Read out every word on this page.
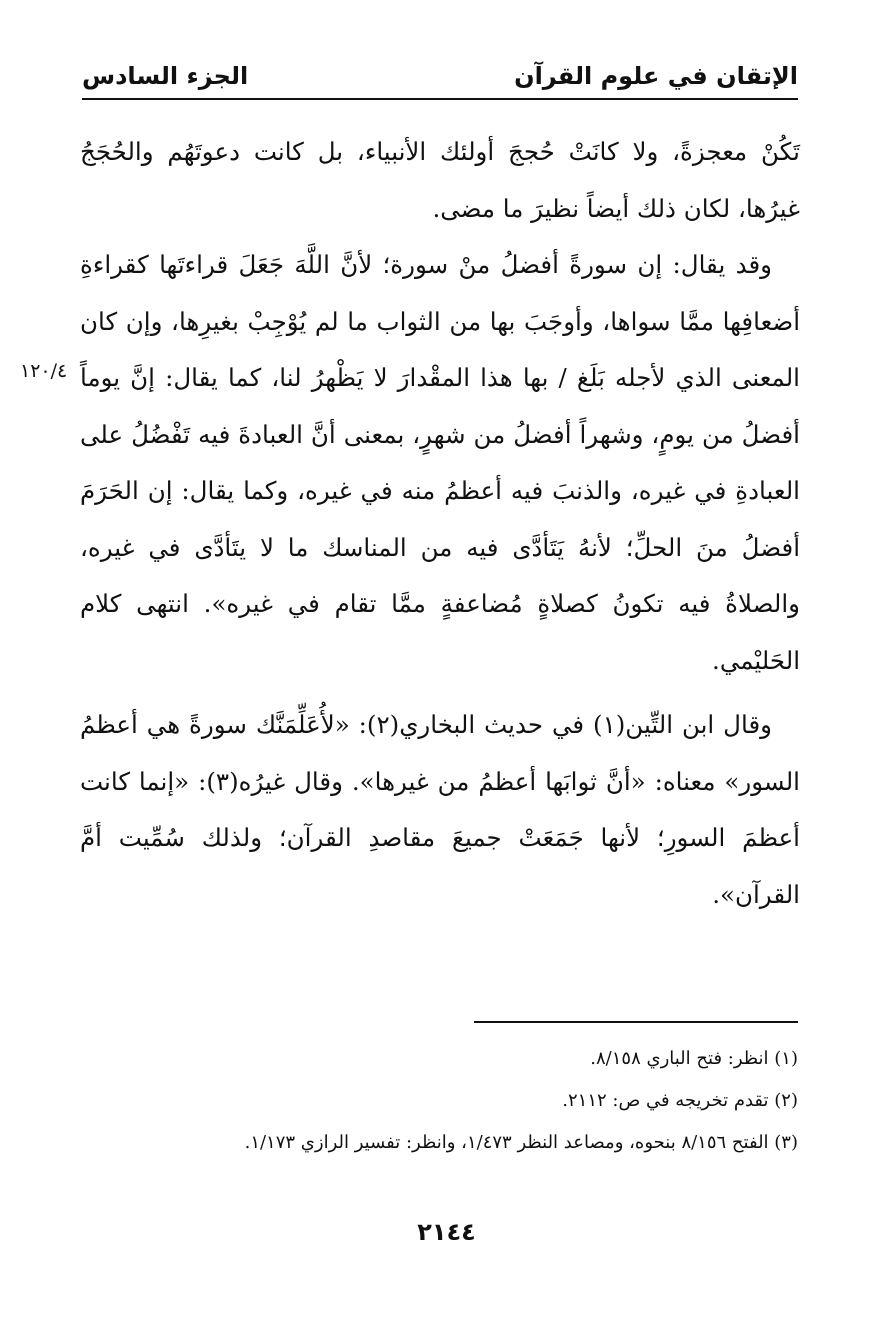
الإتقان في علوم القرآن
الجزء السادس
١٢٠/٤

تَكُنْ معجزةً، ولا كانَتْ حُججَ أولئك الأنبياء، بل كانت دعوتَهُم والحُجَجُ غيرُها، لكان ذلك أيضاً نظيرَ ما مضى.

وقد يقال: إن سورةً أفضلُ منْ سورة؛ لأنَّ اللَّهَ جَعَلَ قراءتَها كقراءةِ أضعافِها ممَّا سواها، وأوجَبَ بها من الثواب ما لم يُوْجِبْ بغيرِها، وإن كان المعنى الذي لأجله بَلَغ / بها هذا المقْدارَ لا يَظْهرُ لنا، كما يقال: إنَّ يوماً أفضلُ من يومٍ، وشهراً أفضلُ من شهرٍ، بمعنى أنَّ العبادةَ فيه تَفْضُلُ على العبادةِ في غيره، والذنبَ فيه أعظمُ منه في غيره، وكما يقال: إن الحَرَمَ أفضلُ منَ الحلِّ؛ لأنهُ يَتَأدَّى فيه من المناسك ما لا يتَأدَّى في غيره، والصلاةُ فيه تكونُ كصلاةٍ مُضاعفةٍ ممَّا تقام في غيره». انتهى كلام الحَليْمي.

وقال ابن التِّين(١) في حديث البخاري(٢): «لأُعَلِّمَنَّك سورةً هي أعظمُ السور» معناه: «أنَّ ثوابَها أعظمُ من غيرها». وقال غيرُه(٣): «إنما كانت أعظمَ السورِ؛ لأنها جَمَعَتْ جميعَ مقاصدِ القرآن؛ ولذلك سُمِّيت أمَّ القرآن».

(١) انظر: فتح الباري ٨/١٥٨.
(٢) تقدم تخريجه في ص: ٢١١٢.
(٣) الفتح ٨/١٥٦ بنحوه، ومصاعد النظر ١/٤٧٣، وانظر: تفسير الرازي ١/١٧٣.
٢١٤٤
